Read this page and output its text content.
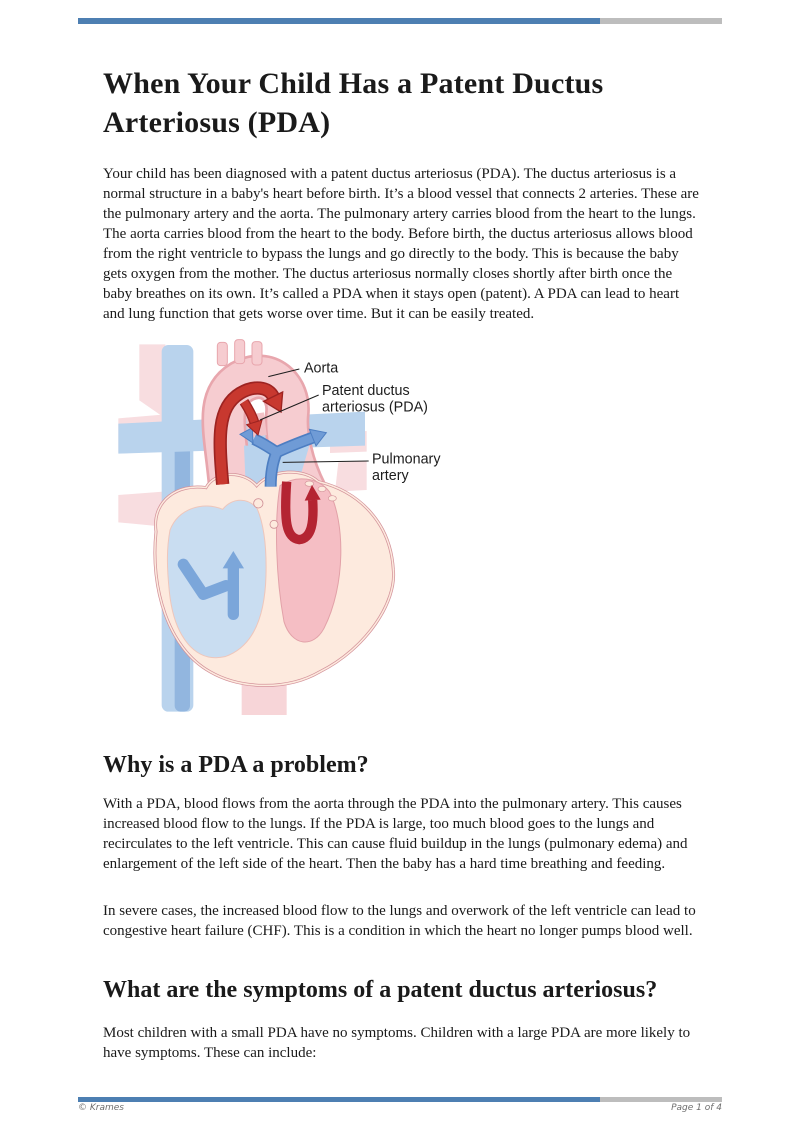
When Your Child Has a Patent Ductus Arteriosus (PDA)

Your child has been diagnosed with a patent ductus arteriosus (PDA). The ductus arteriosus is a normal structure in a baby's heart before birth. It’s a blood vessel that connects 2 arteries. These are the pulmonary artery and the aorta. The pulmonary artery carries blood from the heart to the lungs. The aorta carries blood from the heart to the body. Before birth, the ductus arteriosus allows blood from the right ventricle to bypass the lungs and go directly to the body. This is because the baby gets oxygen from the mother. The ductus arteriosus normally closes shortly after birth once the baby breathes on its own. It’s called a PDA when it stays open (patent). A PDA can lead to heart and lung function that gets worse over time. But it can be easily treated.

Aorta
Patent ductus
arteriosus (PDA)
Pulmonary
artery
Why is a PDA a problem?

With a PDA, blood flows from the aorta through the PDA into the pulmonary artery. This causes increased blood flow to the lungs. If the PDA is large, too much blood goes to the lungs and recirculates to the left ventricle. This can cause fluid buildup in the lungs (pulmonary edema) and enlargement of the left side of the heart. Then the baby has a hard time breathing and feeding.

In severe cases, the increased blood flow to the lungs and overwork of the left ventricle can lead to congestive heart failure (CHF). This is a condition in which the heart no longer pumps blood well.

What are the symptoms of a patent ductus arteriosus?

Most children with a small PDA have no symptoms. Children with a large PDA are more likely to have symptoms. These can include:

© Krames	Page 1 of 4
